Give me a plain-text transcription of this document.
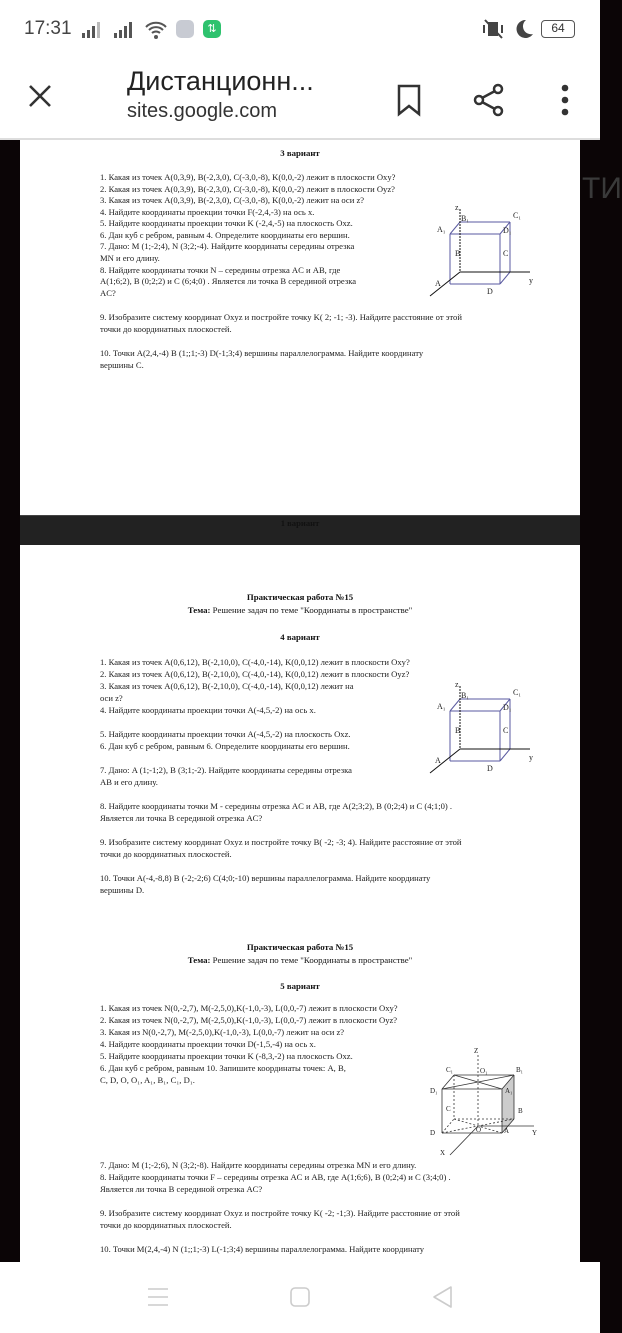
17:31	⇅	64
Дистанционн...
sites.google.com
ТИ
3 вариант
z
B₁	C₁
A₁	D₁
B	C
y
A
D
1. Какая из точек A(0,3,9), B(-2,3,0), C(-3,0,-8), K(0,0,-2) лежит в плоскости Oxy?
2. Какая из точек A(0,3,9), B(-2,3,0), C(-3,0,-8), K(0,0,-2) лежит в плоскости Oyz?
3. Какая из точек A(0,3,9), B(-2,3,0), C(-3,0,-8), K(0,0,-2) лежит на оси z?
4. Найдите координаты проекции точки F(-2,4,-3) на ось x.
5. Найдите координаты проекции точки K (-2,4,-5) на плоскость Oxz.
6. Дан куб с ребром, равным 4. Определите координаты его вершин.
7. Дано: M (1;-2;4), N (3;2;-4). Найдите координаты середины отрезка
MN и его длину.
8. Найдите координаты точки N – середины отрезка AC и AB, где
A(1;6;2), B (0;2;2) и C (6;4;0) . Является ли точка B серединой отрезка
AC?
9. Изобразите систему координат Oxyz и постройте точку K( 2; -1; -3). Найдите расстояние от этой
точки до координатных плоскостей.
10. Точки A(2,4,-4) B (1;;1;-3) D(-1;3;4) вершины параллелограмма. Найдите координату
вершины C.
1 вариант
Практическая работа №15
Тема: Решение задач по теме "Координаты в пространстве"
4 вариант
z
B₁	C₁
A₁	D₁
B	C
y
A
D
Практическая работа №15
Тема: Решение задач по теме "Координаты в пространстве"
5 вариант
Z
C₁	O₁	B₁
D₁	A₁
C	B
D	O	A	Y
X
1. Какая из точек A(0,6,12), B(-2,10,0), C(-4,0,-14), K(0,0,12) лежит в плоскости Oxy?
2. Какая из точек A(0,6,12), B(-2,10,0), C(-4,0,-14), K(0,0,12) лежит в плоскости Oyz?
3. Какая из точек A(0,6,12), B(-2,10,0), C(-4,0,-14), K(0,0,12) лежит на
оси z?
4. Найдите координаты проекции точки A(-4,5,-2) на ось x.
5. Найдите координаты проекции точки A(-4,5,-2) на плоскость Oxz.
6. Дан куб с ребром, равным 6. Определите координаты его вершин.
7. Дано: A (1;-1;2), B (3;1;-2). Найдите координаты середины отрезка
AB и его длину.
8. Найдите координаты точки M - середины отрезка AC и AB, где A(2;3;2), B (0;2;4) и C (4;1;0) .
Является ли точка B серединой отрезка AC?
9. Изобразите систему координат Oxyz и постройте точку B( -2; -3; 4). Найдите расстояние от этой
точки до координатных плоскостей.
10. Точки A(-4,-8,8) B (-2;-2;6) C(4;0;-10) вершины параллелограмма. Найдите координату
вершины D.
1. Какая из точек N(0,-2,7), M(-2,5,0),K(-1,0,-3), L(0,0,-7) лежит в плоскости Oxy?
2. Какая из точек N(0,-2,7), M(-2,5,0),K(-1,0,-3), L(0,0,-7) лежит в плоскости Oyz?
3. Какая из N(0,-2,7), M(-2,5,0),K(-1,0,-3), L(0,0,-7) лежит на оси z?
4. Найдите координаты проекции точки D(-1,5,-4) на ось x.
5. Найдите координаты проекции точки K (-8,3,-2) на плоскость Oxz.
6. Дан куб с ребром, равным 10. Запишите координаты точек: A, B,
C, D, O, O₁, A₁, B₁, C₁, D₁.
7. Дано: M (1;-2;6), N (3;2;-8). Найдите координаты середины отрезка MN и его длину.
8. Найдите координаты точки F – середины отрезка AC и AB, где A(1;6;6), B (0;2;4) и C (3;4;0) .
Является ли точка B серединой отрезка AC?
9. Изобразите систему координат Oxyz и постройте точку K( -2; -1;3). Найдите расстояние от этой
точки до координатных плоскостей.
10. Точки M(2,4,-4) N (1;;1;-3) L(-1;3;4) вершины параллелограмма. Найдите координату
